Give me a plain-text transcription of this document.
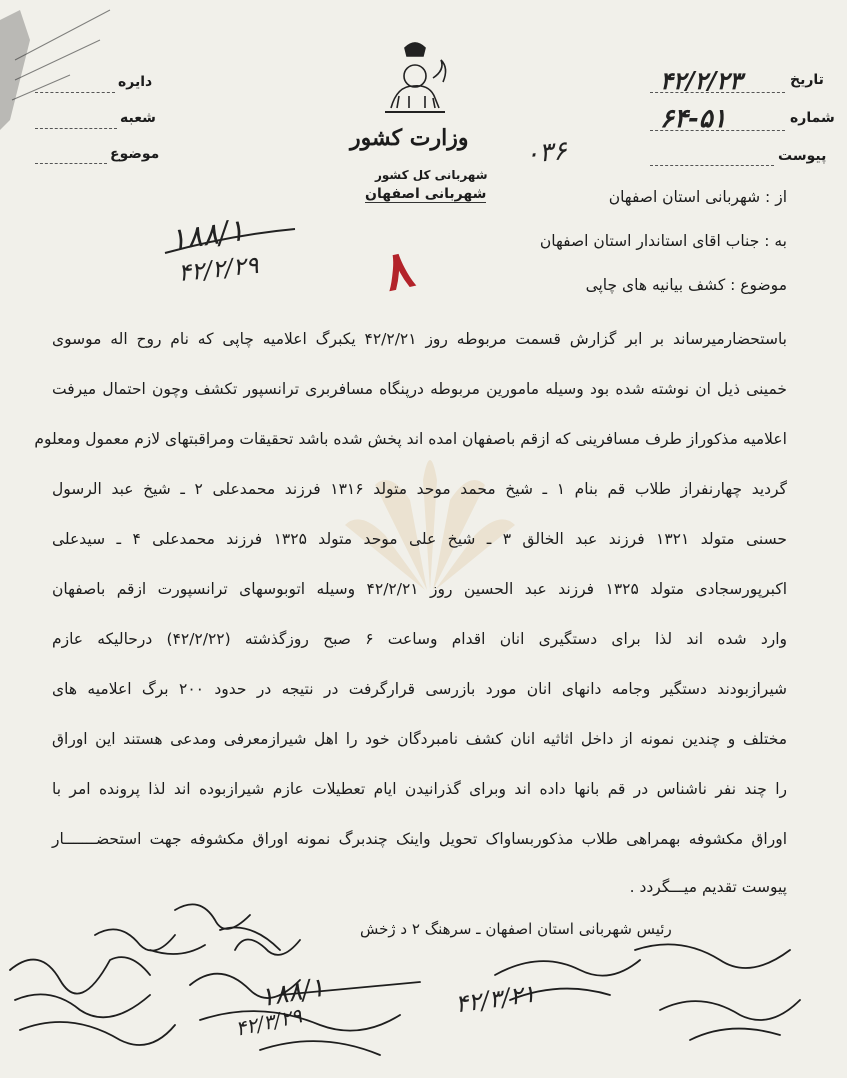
وزارت کشور
شهربانی کل کشور
شهربانی اصفهان
دایره
شعبه
موضوع
تاریخ
۴۲/۲/۲۳
شماره
۶۴-۵۱
پیوست
۰۳۶
۱۸۸/۱
۴۲/۲/۲۹ ۸
از : شهربانی استان اصفهان
به : جناب اقای استاندار استان اصفهان
موضوع : کشف بیانیه های چاپی
باستحضارمیرساند بر ابر گزارش قسمت مربوطه روز ۴۲/۲/۲۱ یکبرگ اعلامیه چاپی که نام روح اله موسوی
خمینی ذیل ان نوشته شده بود وسیله مامورین مربوطه درپنگاه مسافربری ترانسپور تکشف وچون احتمال میرفت
اعلامیه مذکوراز طرف مسافرینی که ازقم باصفهان امده اند پخش شده باشد تحقیقات ومراقبتهای لازم معمول ومعلوم
گردید چهارنفراز طلاب قم بنام ۱ ـ شیخ محمد موحد متولد ۱۳۱۶ فرزند محمدعلی ۲ ـ شیخ عبد الرسول
حسنی متولد ۱۳۲۱ فرزند عبد الخالق ۳ ـ شیخ علی موحد متولد ۱۳۲۵ فرزند محمدعلی ۴ ـ سیدعلی
اکبرپورسجادی متولد ۱۳۲۵ فرزند عبد الحسین روز ۴۲/۲/۲۱ وسیله اتوبوسهای ترانسپورت ازقم باصفهان
وارد شده اند لذا برای دستگیری انان اقدام وساعت ۶ صبح روزگذشته (۴۲/۲/۲۲) درحالیکه عازم
شیرازبودند دستگیر وجامه دانهای انان مورد بازرسی قرارگرفت در نتیجه در حدود ۲۰۰ برگ اعلامیه های
مختلف و چندین نمونه از داخل اثاثیه انان کشف نامبردگان خود را اهل شیرازمعرفی ومدعی هستند این اوراق
را چند نفر ناشناس در قم بانها داده اند وبرای گذرانیدن ایام تعطیلات عازم شیرازبوده اند لذا پرونده امر با
اوراق مکشوفه بهمراهی طلاب مذکوربساواک تحویل واینک چندبرگ نمونه اوراق مکشوفه جهت استحضـــــــار
پیوست تقدیم میـــگردد .
رئیس شهربانی استان اصفهان ـ سرهنگ ۲ د ژخش
۴۲/۳/۲۱
۱۸۸/۱
۴۲/۳/۲۹
